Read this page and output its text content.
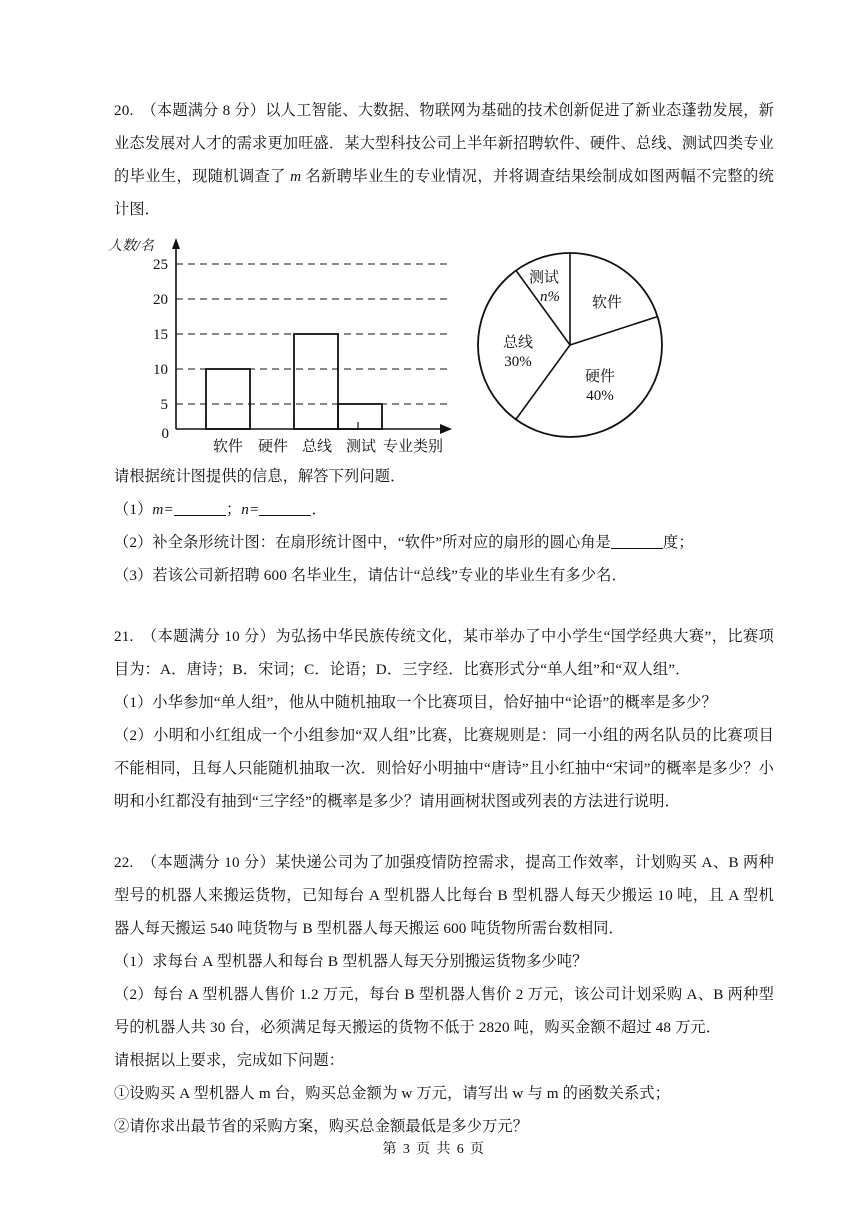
20. （本题满分 8 分）以人工智能、大数据、物联网为基础的技术创新促进了新业态蓬勃发展，新业态发展对人才的需求更加旺盛．某大型科技公司上半年新招聘软件、硬件、总线、测试四类专业的毕业生，现随机调查了 m 名新聘毕业生的专业情况，并将调查结果绘制成如图两幅不完整的统计图．

人数/名
25
20
15
10
5
0
软件 硬件 总线 测试 专业类别
软件
硬件
40%
总线
30%
测试
n%

请根据统计图提供的信息，解答下列问题．

（1）m=	；n=	．

（2）补全条形统计图：在扇形统计图中，“软件”所对应的扇形的圆心角是	度；

（3）若该公司新招聘 600 名毕业生，请估计“总线”专业的毕业生有多少名．

21. （本题满分 10 分）为弘扬中华民族传统文化，某市举办了中小学生“国学经典大赛”，比赛项目为：A．唐诗；B．宋词；C．论语；D．三字经．比赛形式分“单人组”和“双人组”．

（1）小华参加“单人组”，他从中随机抽取一个比赛项目，恰好抽中“论语”的概率是多少？

（2）小明和小红组成一个小组参加“双人组”比赛，比赛规则是：同一小组的两名队员的比赛项目不能相同，且每人只能随机抽取一次．则恰好小明抽中“唐诗”且小红抽中“宋词”的概率是多少？小明和小红都没有抽到“三字经”的概率是多少？请用画树状图或列表的方法进行说明．

22. （本题满分 10 分）某快递公司为了加强疫情防控需求，提高工作效率，计划购买 A、B 两种型号的机器人来搬运货物，已知每台 A 型机器人比每台 B 型机器人每天少搬运 10 吨，且 A 型机器人每天搬运 540 吨货物与 B 型机器人每天搬运 600 吨货物所需台数相同．

（1）求每台 A 型机器人和每台 B 型机器人每天分别搬运货物多少吨？

（2）每台 A 型机器人售价 1.2 万元，每台 B 型机器人售价 2 万元，该公司计划采购 A、B 两种型号的机器人共 30 台，必须满足每天搬运的货物不低于 2820 吨，购买金额不超过 48 万元．

请根据以上要求，完成如下问题：

①设购买 A 型机器人 m 台，购买总金额为 w 万元，请写出 w 与 m 的函数关系式；

②请你求出最节省的采购方案，购买总金额最低是多少万元？

第 3 页 共 6 页
